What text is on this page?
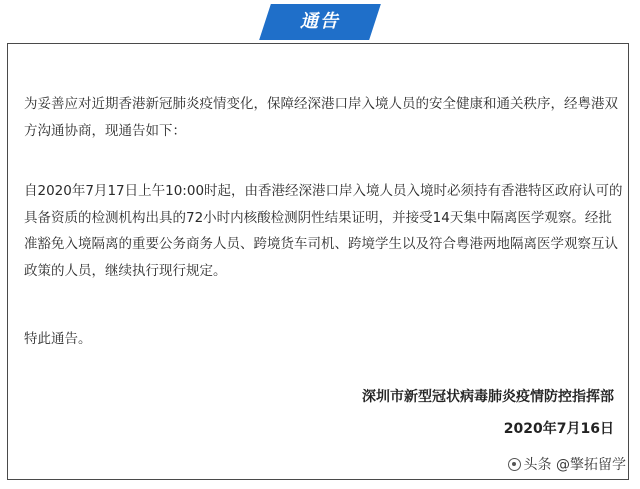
通告

为妥善应对近期香港新冠肺炎疫情变化，保障经深港口岸入境人员的安全健康和通关秩序，经粤港双方沟通协商，现通告如下：

自2020年7月17日上午10:00时起，由香港经深港口岸入境人员入境时必须持有香港特区政府认可的具备资质的检测机构出具的72小时内核酸检测阴性结果证明，并接受14天集中隔离医学观察。经批准豁免入境隔离的重要公务商务人员、跨境货车司机、跨境学生以及符合粤港两地隔离医学观察互认政策的人员，继续执行现行规定。

特此通告。

深圳市新型冠状病毒肺炎疫情防控指挥部
2020年7月16日
头条 @擎拓留学
